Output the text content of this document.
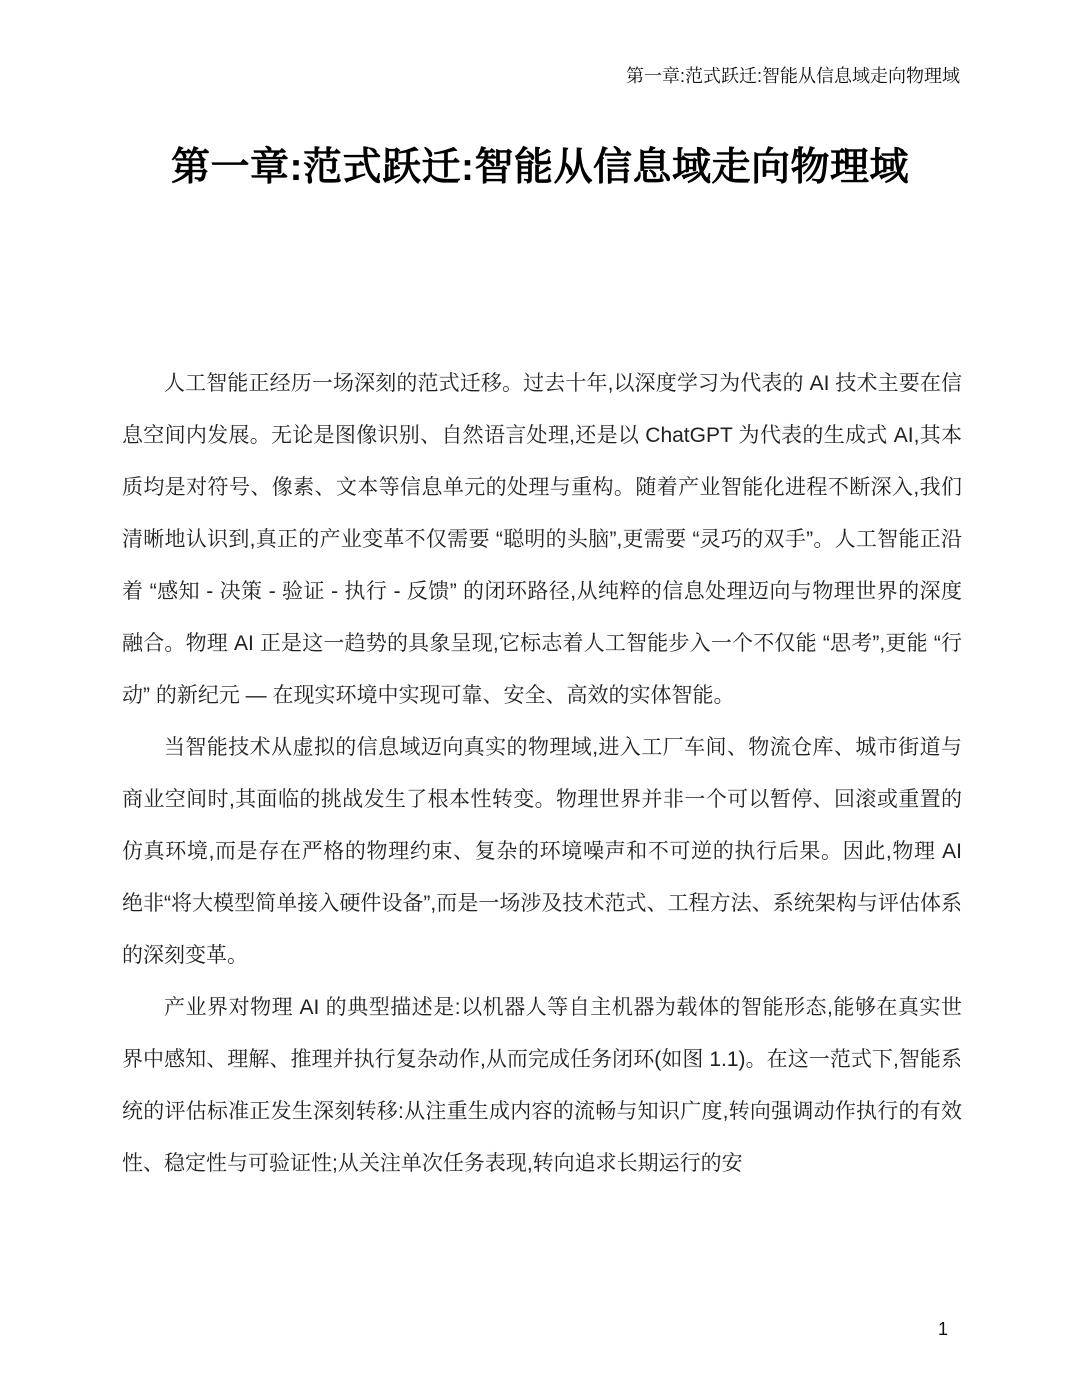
第一章:范式跃迁:智能从信息域走向物理域
第一章:范式跃迁:智能从信息域走向物理域

人工智能正经历一场深刻的范式迁移。过去十年,以深度学习为代表的 AI 技术主要在信息空间内发展。无论是图像识别、自然语言处理,还是以 ChatGPT 为代表的生成式 AI,其本质均是对符号、像素、文本等信息单元的处理与重构。随着产业智能化进程不断深入,我们清晰地认识到,真正的产业变革不仅需要 “聪明的头脑”,更需要 “灵巧的双手”。人工智能正沿着 “感知 - 决策 - 验证 - 执行 - 反馈” 的闭环路径,从纯粹的信息处理迈向与物理世界的深度融合。物理 AI 正是这一趋势的具象呈现,它标志着人工智能步入一个不仅能 “思考”,更能 “行动” 的新纪元 — 在现实环境中实现可靠、安全、高效的实体智能。

当智能技术从虚拟的信息域迈向真实的物理域,进入工厂车间、物流仓库、城市街道与商业空间时,其面临的挑战发生了根本性转变。物理世界并非一个可以暂停、回滚或重置的仿真环境,而是存在严格的物理约束、复杂的环境噪声和不可逆的执行后果。因此,物理 AI 绝非“将大模型简单接入硬件设备”,而是一场涉及技术范式、工程方法、系统架构与评估体系的深刻变革。

产业界对物理 AI 的典型描述是:以机器人等自主机器为载体的智能形态,能够在真实世界中感知、理解、推理并执行复杂动作,从而完成任务闭环(如图 1.1)。在这一范式下,智能系统的评估标准正发生深刻转移:从注重生成内容的流畅与知识广度,转向强调动作执行的有效性、稳定性与可验证性;从关注单次任务表现,转向追求长期运行的安

1
